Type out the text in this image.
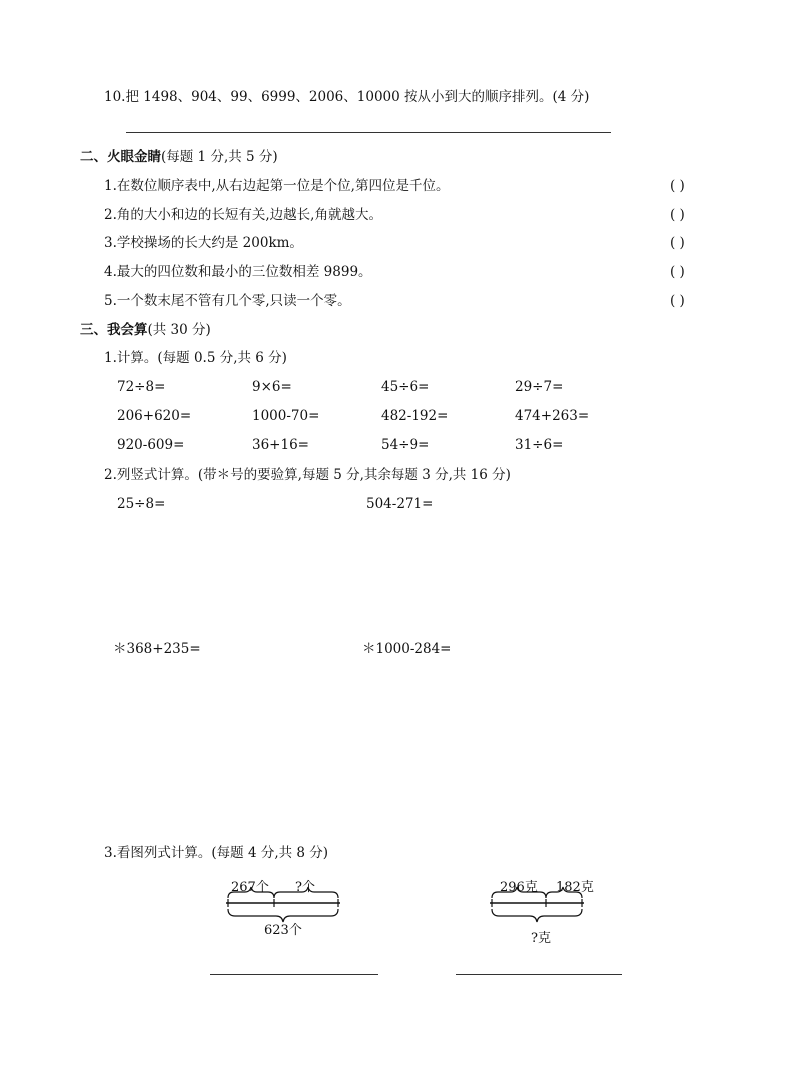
10.把 1498、904、99、6999、2006、10000 按从小到大的顺序排列。(4 分)
二、火眼金睛(每题 1 分,共 5 分)
1.在数位顺序表中,从右边起第一位是个位,第四位是千位。	( )
2.角的大小和边的长短有关,边越长,角就越大。	( )
3.学校操场的长大约是 200km。	( )
4.最大的四位数和最小的三位数相差 9899。	( )
5.一个数末尾不管有几个零,只读一个零。	( )
三、我会算(共 30 分)
1.计算。(每题 0.5 分,共 6 分)
72÷8=	9×6=	45÷6=	29÷7=
206+620=	1000-70=	482-192=	474+263=
920-609=	36+16=	54÷9=	31÷6=
2.列竖式计算。(带＊号的要验算,每题 5 分,其余每题 3 分,共 16 分)
25÷8=	504-271=
＊368+235=	＊1000-284=
3.看图列式计算。(每题 4 分,共 8 分)
267个 ?个
623个
296克 182克
?克
